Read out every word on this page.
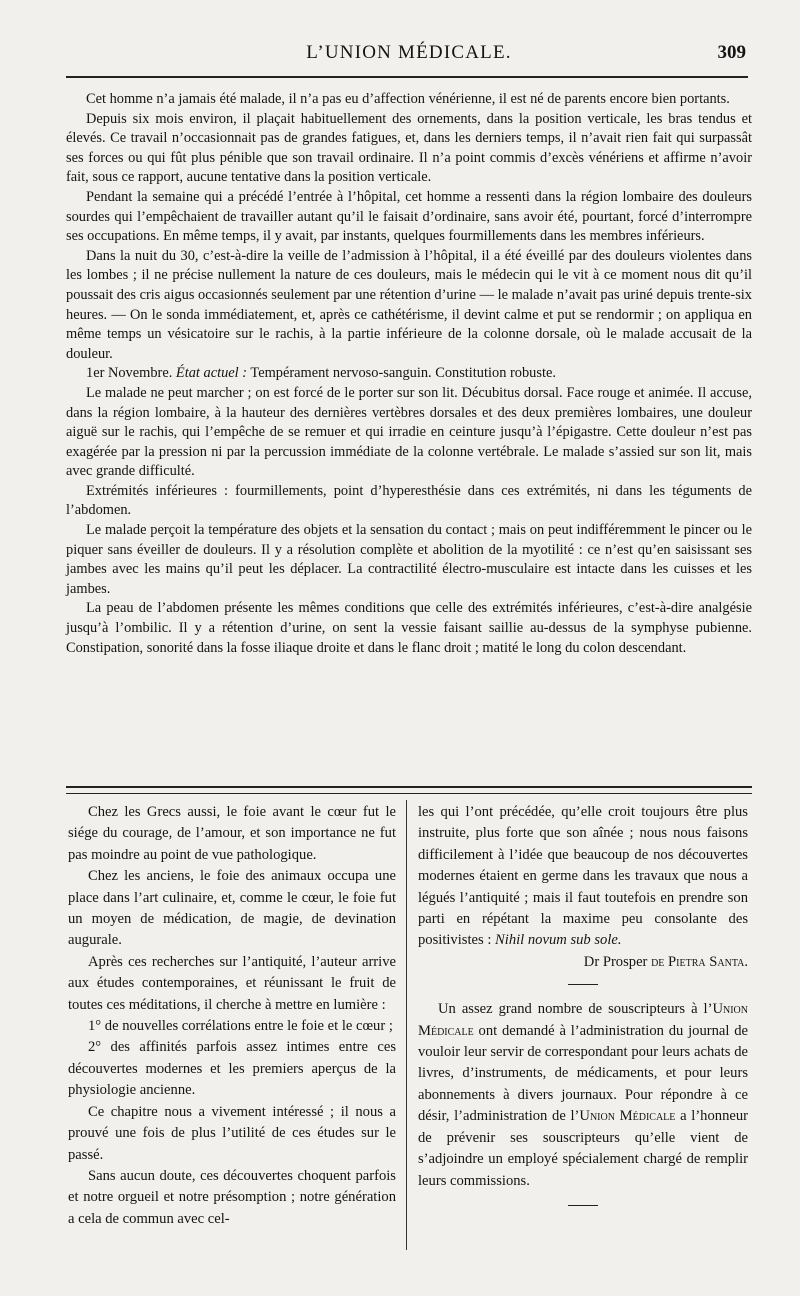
L’UNION MÉDICALE.	309

Cet homme n’a jamais été malade, il n’a pas eu d’affection vénérienne, il est né de parents encore bien portants.

Depuis six mois environ, il plaçait habituellement des ornements, dans la position verticale, les bras tendus et élevés. Ce travail n’occasionnait pas de grandes fatigues, et, dans les derniers temps, il n’avait rien fait qui surpassât ses forces ou qui fût plus pénible que son travail ordinaire. Il n’a point commis d’excès vénériens et affirme n’avoir fait, sous ce rapport, aucune tentative dans la position verticale.

Pendant la semaine qui a précédé l’entrée à l’hôpital, cet homme a ressenti dans la région lombaire des douleurs sourdes qui l’empêchaient de travailler autant qu’il le faisait d’ordinaire, sans avoir été, pourtant, forcé d’interrompre ses occupations. En même temps, il y avait, par instants, quelques fourmillements dans les membres inférieurs.

Dans la nuit du 30, c’est-à-dire la veille de l’admission à l’hôpital, il a été éveillé par des douleurs violentes dans les lombes ; il ne précise nullement la nature de ces douleurs, mais le médecin qui le vit à ce moment nous dit qu’il poussait des cris aigus occasionnés seulement par une rétention d’urine — le malade n’avait pas uriné depuis trente-six heures. — On le sonda immédiatement, et, après ce cathétérisme, il devint calme et put se rendormir ; on appliqua en même temps un vésicatoire sur le rachis, à la partie inférieure de la colonne dorsale, où le malade accusait de la douleur.

1er Novembre. État actuel : Tempérament nervoso-sanguin. Constitution robuste.

Le malade ne peut marcher ; on est forcé de le porter sur son lit. Décubitus dorsal. Face rouge et animée. Il accuse, dans la région lombaire, à la hauteur des dernières vertèbres dorsales et des deux premières lombaires, une douleur aiguë sur le rachis, qui l’empêche de se remuer et qui irradie en ceinture jusqu’à l’épigastre. Cette douleur n’est pas exagérée par la pression ni par la percussion immédiate de la colonne vertébrale. Le malade s’assied sur son lit, mais avec grande difficulté.

Extrémités inférieures : fourmillements, point d’hyperesthésie dans ces extrémités, ni dans les téguments de l’abdomen.

Le malade perçoit la température des objets et la sensation du contact ; mais on peut indifféremment le pincer ou le piquer sans éveiller de douleurs. Il y a résolution complète et abolition de la myotilité : ce n’est qu’en saisissant ses jambes avec les mains qu’il peut les déplacer. La contractilité électro-musculaire est intacte dans les cuisses et les jambes.

La peau de l’abdomen présente les mêmes conditions que celle des extrémités inférieures, c’est-à-dire analgésie jusqu’à l’ombilic. Il y a rétention d’urine, on sent la vessie faisant saillie au-dessus de la symphyse pubienne. Constipation, sonorité dans la fosse iliaque droite et dans le flanc droit ; matité le long du colon descendant.

Chez les Grecs aussi, le foie avant le cœur fut le siége du courage, de l’amour, et son importance ne fut pas moindre au point de vue pathologique.

Chez les anciens, le foie des animaux occupa une place dans l’art culinaire, et, comme le cœur, le foie fut un moyen de médication, de magie, de devination augurale.

Après ces recherches sur l’antiquité, l’auteur arrive aux études contemporaines, et réunissant le fruit de toutes ces méditations, il cherche à mettre en lumière :

1° de nouvelles corrélations entre le foie et le cœur ;

2° des affinités parfois assez intimes entre ces découvertes modernes et les premiers aperçus de la physiologie ancienne.

Ce chapitre nous a vivement intéressé ; il nous a prouvé une fois de plus l’utilité de ces études sur le passé.

Sans aucun doute, ces découvertes choquent parfois et notre orgueil et notre présomption ; notre génération a cela de commun avec cel-

les qui l’ont précédée, qu’elle croit toujours être plus instruite, plus forte que son aînée ; nous nous faisons difficilement à l’idée que beaucoup de nos découvertes modernes étaient en germe dans les travaux que nous a légués l’antiquité ; mais il faut toutefois en prendre son parti en répétant la maxime peu consolante des positivistes : Nihil novum sub sole.

Dr Prosper de Pietra Santa.

Un assez grand nombre de souscripteurs à l’Union Médicale ont demandé à l’administration du journal de vouloir leur servir de correspondant pour leurs achats de livres, d’instruments, de médicaments, et pour leurs abonnements à divers journaux. Pour répondre à ce désir, l’administration de l’Union Médicale a l’honneur de prévenir ses souscripteurs qu’elle vient de s’adjoindre un employé spécialement chargé de remplir leurs commissions.
